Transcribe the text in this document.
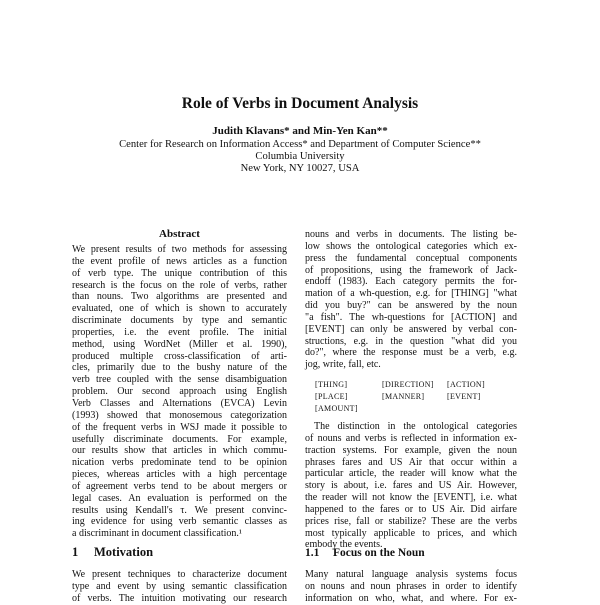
Role of Verbs in Document Analysis
Judith Klavans* and Min-Yen Kan**
Center for Research on Information Access* and Department of Computer Science**
Columbia University
New York, NY 10027, USA
Abstract
We present results of two methods for assessing
the event profile of news articles as a function
of verb type. The unique contribution of this
research is the focus on the role of verbs, rather
than nouns. Two algorithms are presented and
evaluated, one of which is shown to accurately
discriminate documents by type and semantic
properties, i.e. the event profile. The initial
method, using WordNet (Miller et al. 1990),
produced multiple cross-classification of arti-
cles, primarily due to the bushy nature of the
verb tree coupled with the sense disambiguation
problem. Our second approach using English
Verb Classes and Alternations (EVCA) Levin
(1993) showed that monosemous categorization
of the frequent verbs in WSJ made it possible to
usefully discriminate documents. For example,
our results show that articles in which commu-
nication verbs predominate tend to be opinion
pieces, whereas articles with a high percentage
of agreement verbs tend to be about mergers or
legal cases. An evaluation is performed on the
results using Kendall's τ. We present convinc-
ing evidence for using verb semantic classes as
a discriminant in document classification.¹
1 Motivation
We present techniques to characterize document
type and event by using semantic classification
of verbs. The intuition motivating our research
nouns and verbs in documents. The listing be-
low shows the ontological categories which ex-
press the fundamental conceptual components
of propositions, using the framework of Jack-
endoff (1983). Each category permits the for-
mation of a wh-question, e.g. for [THING] "what
did you buy?" can be answered by the noun
"a fish". The wh-questions for [ACTION] and
[EVENT] can only be answered by verbal con-
structions, e.g. in the question "what did you
do?", where the response must be a verb, e.g.
jog, write, fall, etc.
[THING]	[DIRECTION] [ACTION]
[PLACE]	[MANNER]	[EVENT]
[AMOUNT]
The distinction in the ontological categories
of nouns and verbs is reflected in information ex-
traction systems. For example, given the noun
phrases fares and US Air that occur within a
particular article, the reader will know what the
story is about, i.e. fares and US Air. However,
the reader will not know the [EVENT], i.e. what
happened to the fares or to US Air. Did airfare
prices rise, fall or stabilize? These are the verbs
most typically applicable to prices, and which
embody the events.
1.1 Focus on the Noun
Many natural language analysis systems focus
on nouns and noun phrases in order to identify
information on who, what, and where. For ex-
